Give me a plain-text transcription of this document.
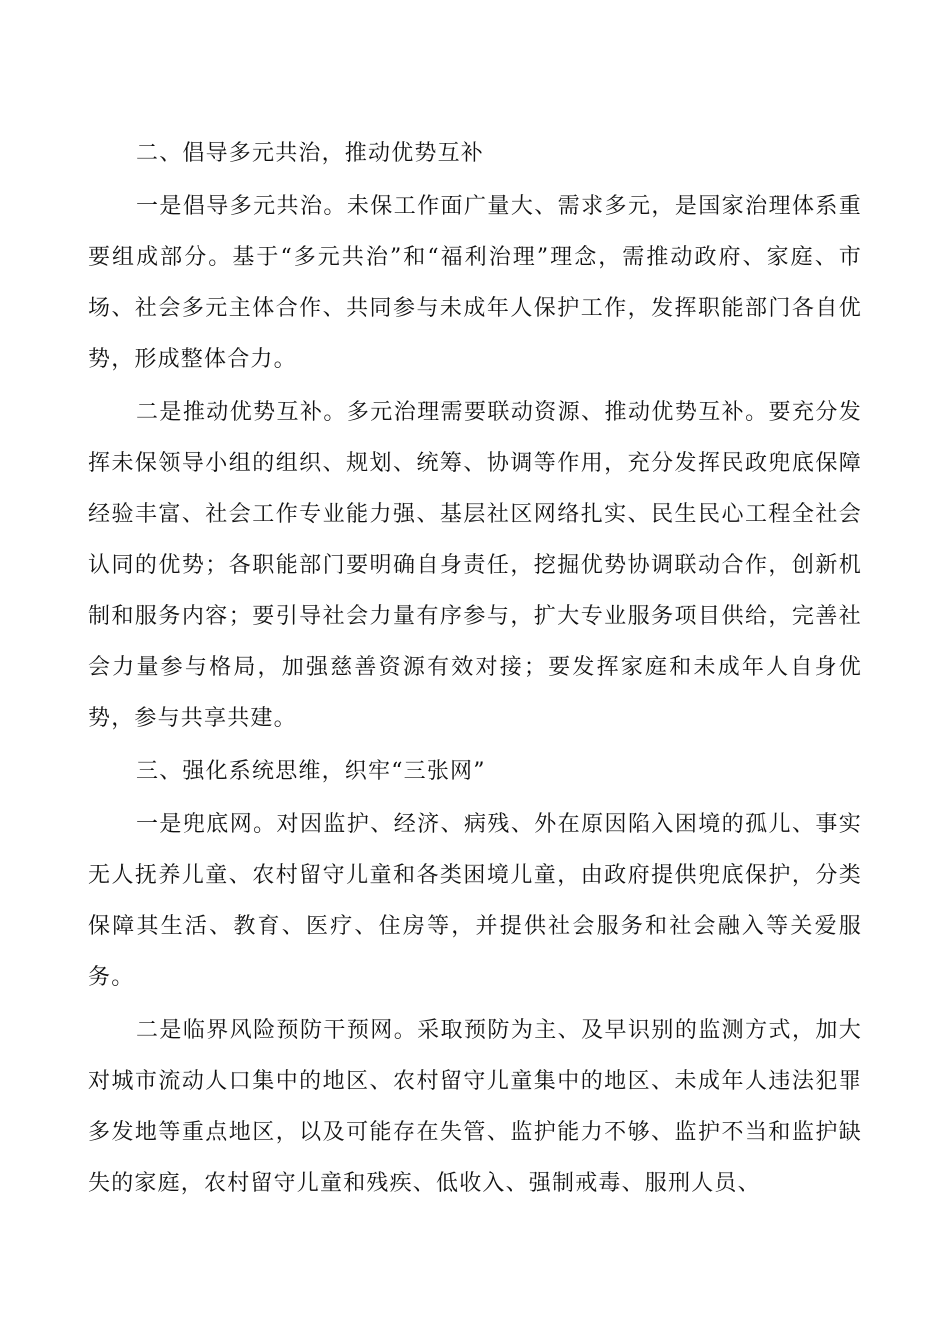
二、倡导多元共治，推动优势互补

一是倡导多元共治。未保工作面广量大、需求多元，是国家治理体系重要组成部分。基于“多元共治”和“福利治理”理念，需推动政府、家庭、市场、社会多元主体合作、共同参与未成年人保护工作，发挥职能部门各自优势，形成整体合力。

二是推动优势互补。多元治理需要联动资源、推动优势互补。要充分发挥未保领导小组的组织、规划、统筹、协调等作用，充分发挥民政兜底保障经验丰富、社会工作专业能力强、基层社区网络扎实、民生民心工程全社会认同的优势；各职能部门要明确自身责任，挖掘优势协调联动合作，创新机制和服务内容；要引导社会力量有序参与，扩大专业服务项目供给，完善社会力量参与格局，加强慈善资源有效对接；要发挥家庭和未成年人自身优势，参与共享共建。

三、强化系统思维，织牢“三张网”

一是兜底网。对因监护、经济、病残、外在原因陷入困境的孤儿、事实无人抚养儿童、农村留守儿童和各类困境儿童，由政府提供兜底保护，分类保障其生活、教育、医疗、住房等，并提供社会服务和社会融入等关爱服务。

二是临界风险预防干预网。采取预防为主、及早识别的监测方式，加大对城市流动人口集中的地区、农村留守儿童集中的地区、未成年人违法犯罪多发地等重点地区，以及可能存在失管、监护能力不够、监护不当和监护缺失的家庭，农村留守儿童和残疾、低收入、强制戒毒、服刑人员、
